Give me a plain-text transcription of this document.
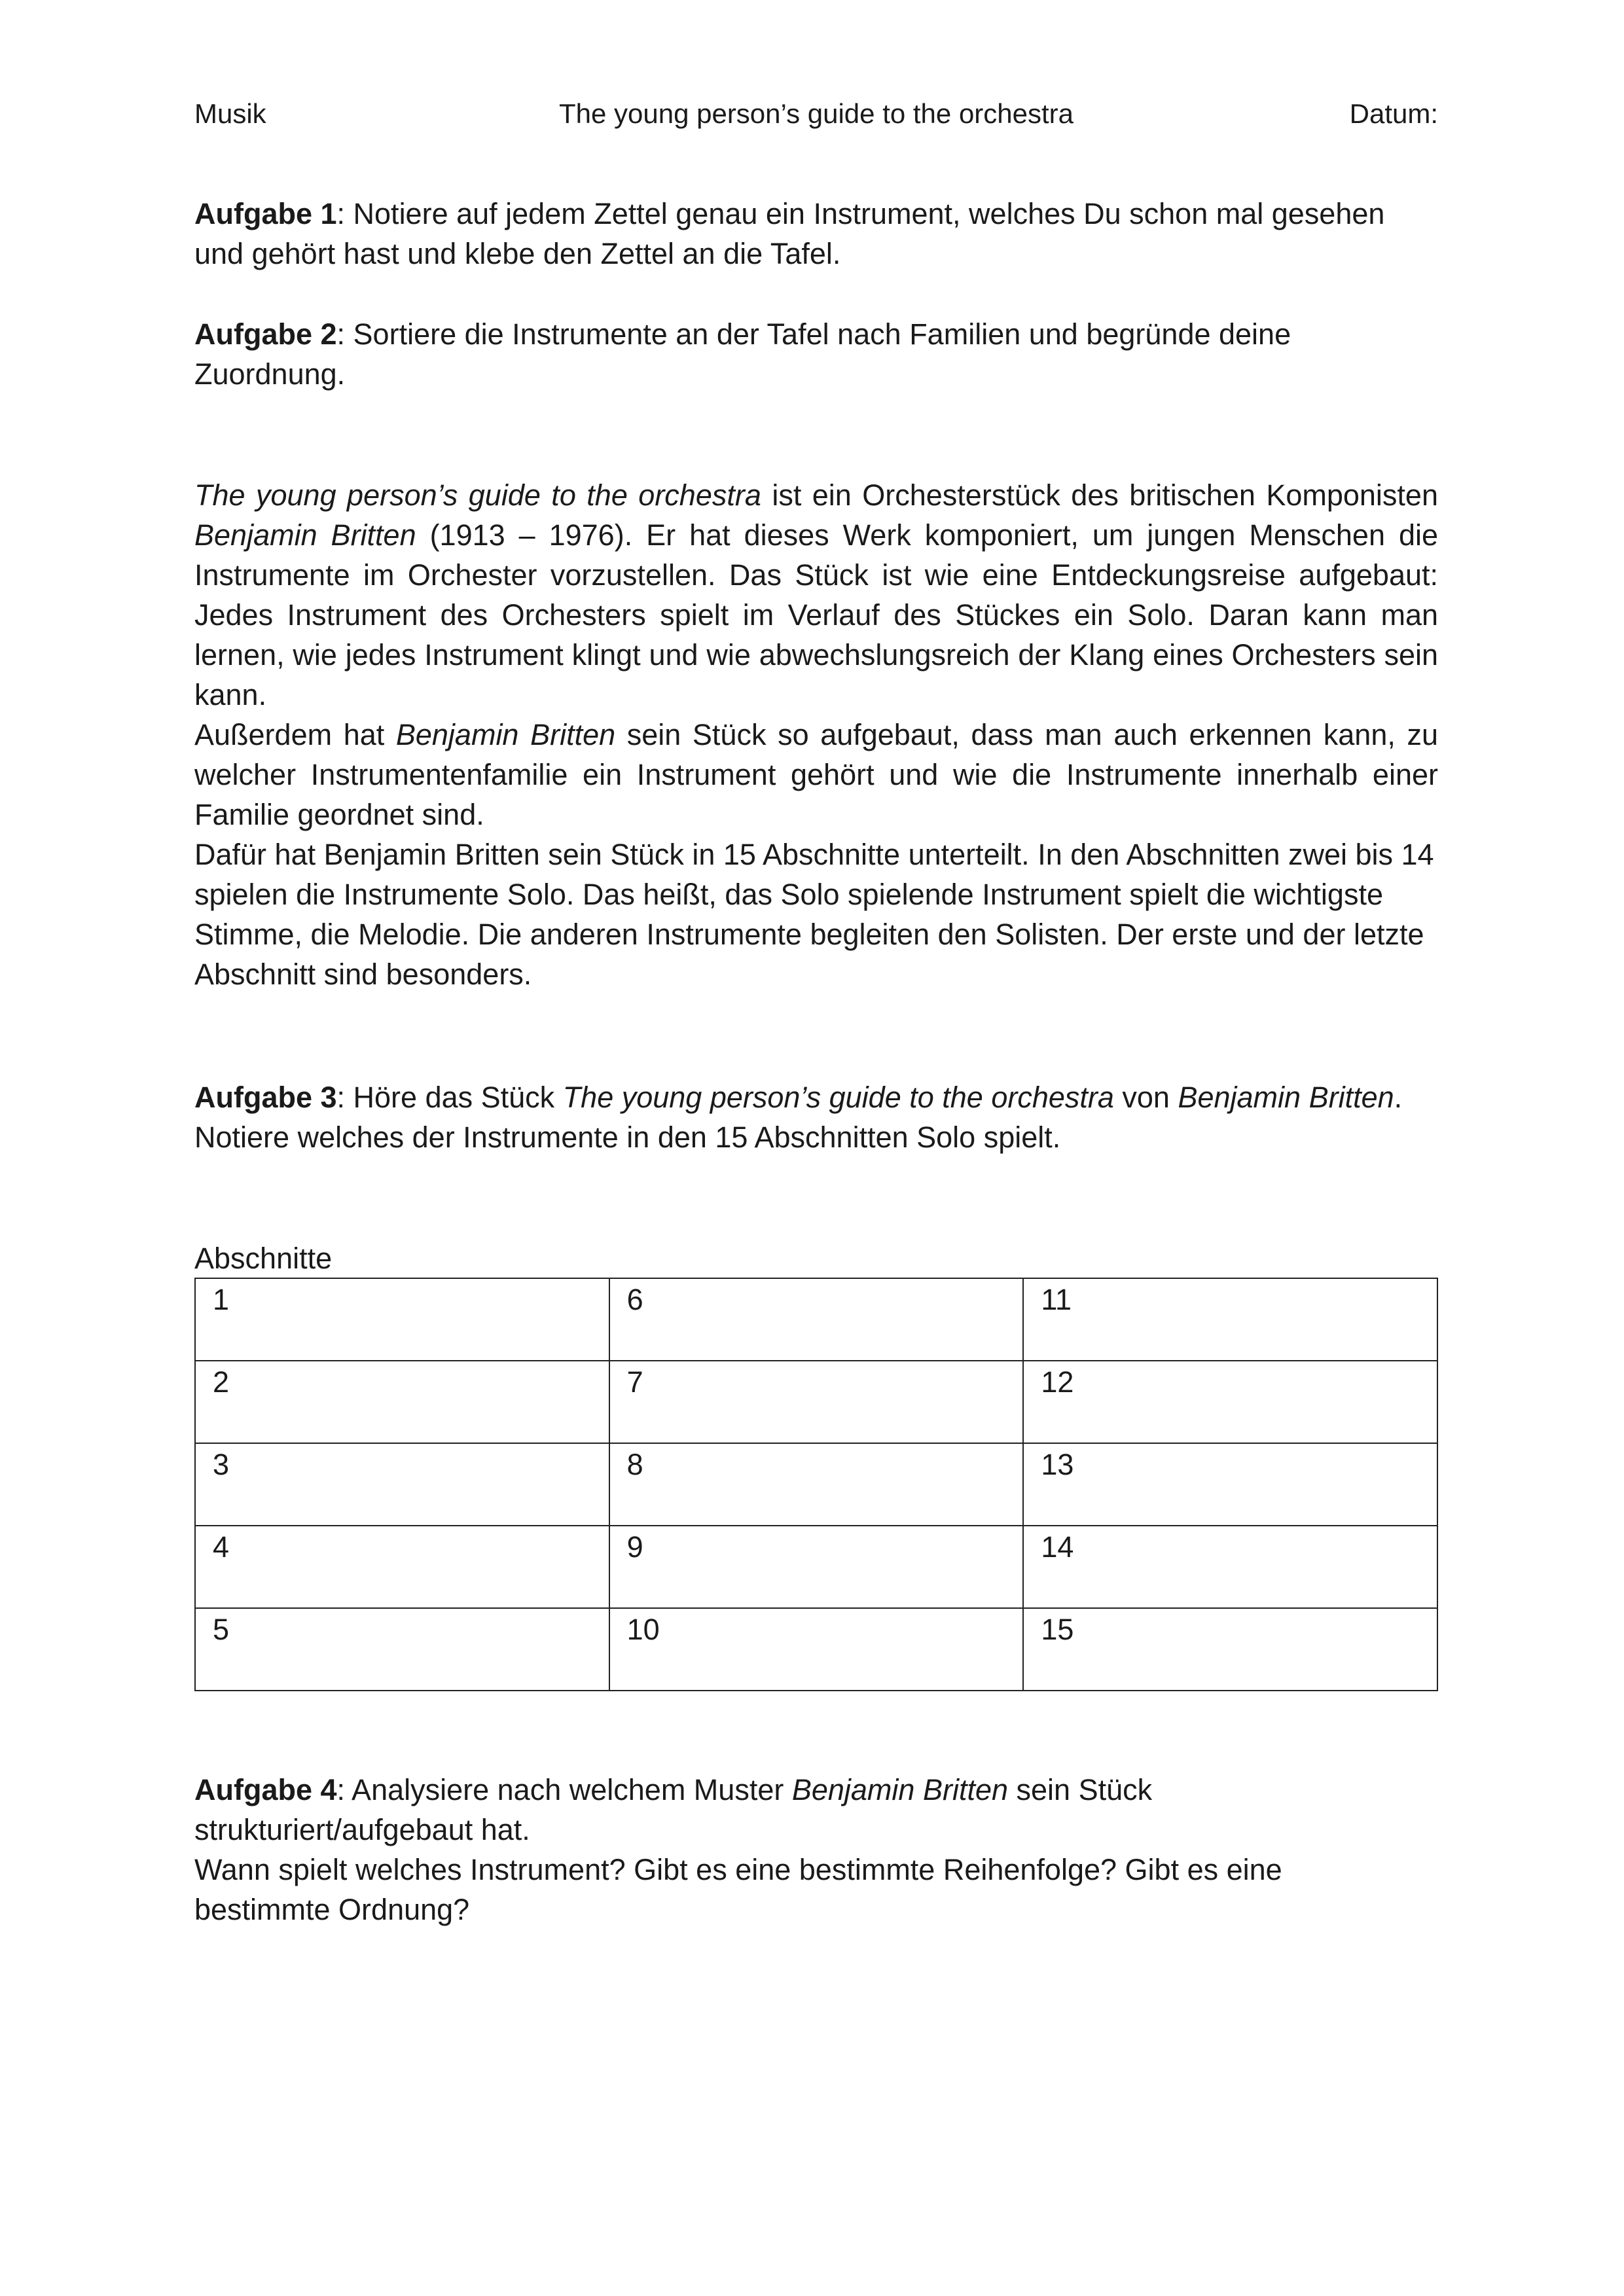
Musik	The young person’s guide to the orchestra	Datum:

Aufgabe 1: Notiere auf jedem Zettel genau ein Instrument, welches Du schon mal gesehen und gehört hast und klebe den Zettel an die Tafel.

Aufgabe 2: Sortiere die Instrumente an der Tafel nach Familien und begründe deine Zuordnung.

The young person’s guide to the orchestra ist ein Orchesterstück des britischen Komponisten Benjamin Britten (1913 – 1976). Er hat dieses Werk komponiert, um jungen Menschen die Instrumente im Orchester vorzustellen. Das Stück ist wie eine Entdeckungsreise aufgebaut: Jedes Instrument des Orchesters spielt im Verlauf des Stückes ein Solo. Daran kann man lernen, wie jedes Instrument klingt und wie abwechslungsreich der Klang eines Orchesters sein kann.

Außerdem hat Benjamin Britten sein Stück so aufgebaut, dass man auch erkennen kann, zu welcher Instrumentenfamilie ein Instrument gehört und wie die Instrumente innerhalb einer Familie geordnet sind.

Dafür hat Benjamin Britten sein Stück in 15 Abschnitte unterteilt. In den Abschnitten zwei bis 14 spielen die Instrumente Solo. Das heißt, das Solo spielende Instrument spielt die wichtigste Stimme, die Melodie. Die anderen Instrumente begleiten den Solisten. Der erste und der letzte Abschnitt sind besonders.

Aufgabe 3: Höre das Stück The young person’s guide to the orchestra von Benjamin Britten.

Notiere welches der Instrumente in den 15 Abschnitten Solo spielt.

Abschnitte
1	6	11
2	7	12
3	8	13
4	9	14
5	10	15

Aufgabe 4: Analysiere nach welchem Muster Benjamin Britten sein Stück strukturiert/aufgebaut hat.

Wann spielt welches Instrument? Gibt es eine bestimmte Reihenfolge? Gibt es eine bestimmte Ordnung?
